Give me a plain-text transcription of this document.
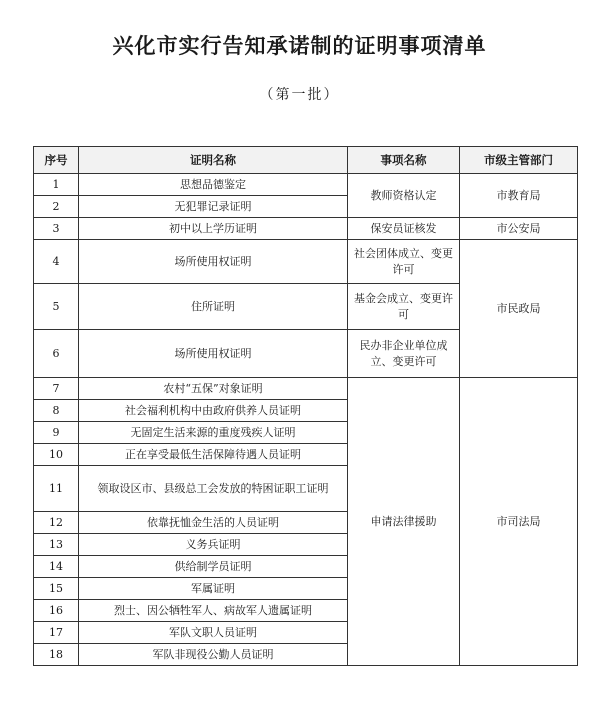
兴化市实行告知承诺制的证明事项清单
（第一批）
序号	证明名称	事项名称	市级主管部门
1	思想品德鉴定	教师资格认定	市教育局
2	无犯罪记录证明		
3	初中以上学历证明	保安员证核发	市公安局
4	场所使用权证明	社会团体成立、变更许可	市民政局
5	住所证明	基金会成立、变更许可	
6	场所使用权证明	民办非企业单位成立、变更许可	
7	农村“五保”对象证明	申请法律援助	市司法局
8	社会福利机构中由政府供养人员证明		
9	无固定生活来源的重度残疾人证明		
10	正在享受最低生活保障待遇人员证明		
11	领取设区市、县级总工会发放的特困证职工证明		
12	依靠抚恤金生活的人员证明		
13	义务兵证明		
14	供给制学员证明		
15	军属证明		
16	烈士、因公牺牲军人、病故军人遗属证明		
17	军队文职人员证明		
18	军队非现役公勤人员证明		
